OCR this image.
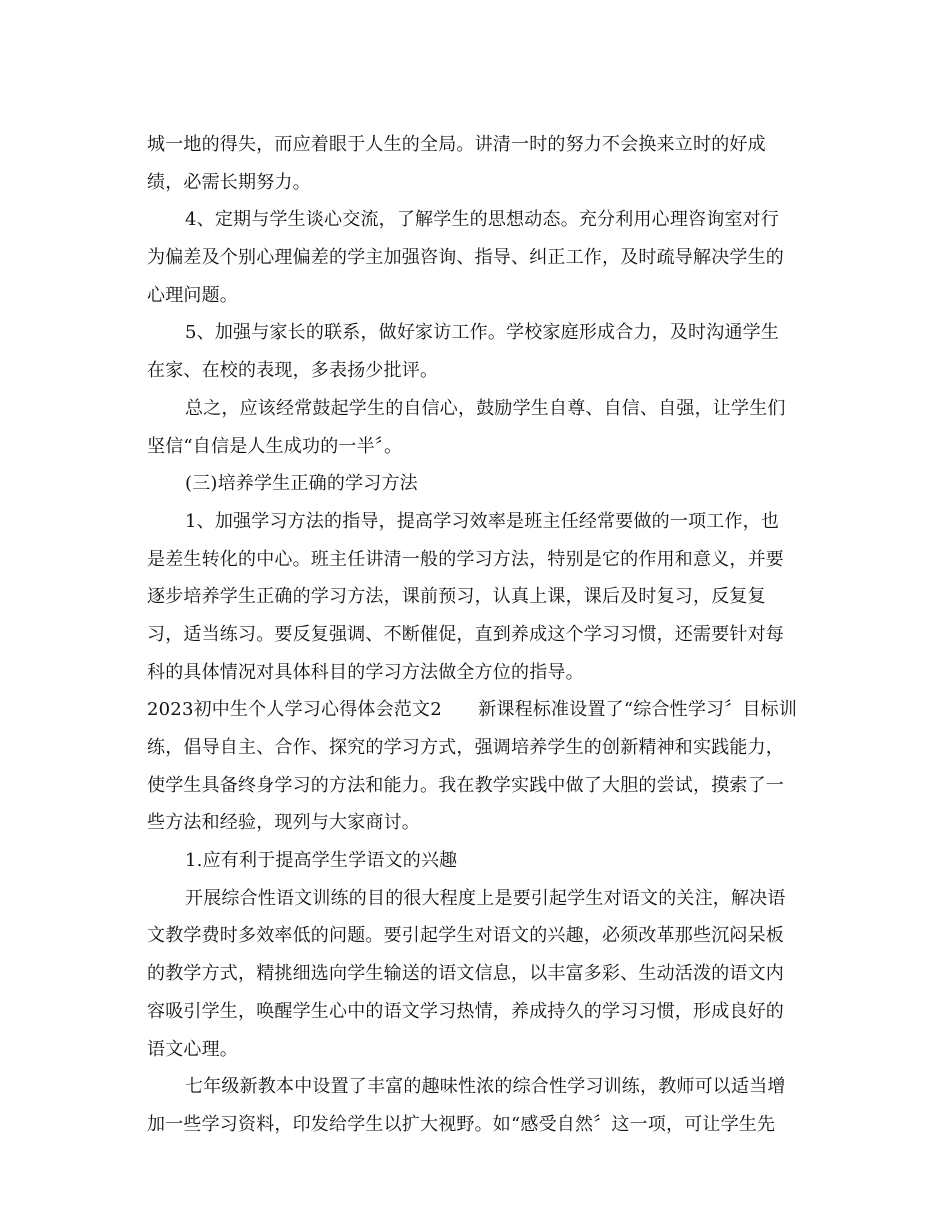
城一地的得失，而应着眼于人生的全局。讲清一时的努力不会换来立时的好成
绩，必需长期努力。

4、定期与学生谈心交流，了解学生的思想动态。充分利用心理咨询室对行
为偏差及个别心理偏差的学主加强咨询、指导、纠正工作，及时疏导解决学生的
心理问题。

5、加强与家长的联系，做好家访工作。学校家庭形成合力，及时沟通学生
在家、在校的表现，多表扬少批评。

总之，应该经常鼓起学生的自信心，鼓励学生自尊、自信、自强，让学生们
坚信“自信是人生成功的一半〞。

(三)培养学生正确的学习方法

1、加强学习方法的指导，提高学习效率是班主任经常要做的一项工作，也
是差生转化的中心。班主任讲清一般的学习方法，特别是它的作用和意义，并要
逐步培养学生正确的学习方法，课前预习，认真上课，课后及时复习，反复复
习，适当练习。要反复强调、不断催促，直到养成这个学习习惯，还需要针对每
科的具体情况对具体科目的学习方法做全方位的指导。

2023初中生个人学习心得体会范文2　　新课程标准设置了“综合性学习〞目标训
练，倡导自主、合作、探究的学习方式，强调培养学生的创新精神和实践能力，
使学生具备终身学习的方法和能力。我在教学实践中做了大胆的尝试，摸索了一
些方法和经验，现列与大家商讨。

1.应有利于提高学生学语文的兴趣

开展综合性语文训练的目的很大程度上是要引起学生对语文的关注，解决语
文教学费时多效率低的问题。要引起学生对语文的兴趣，必须改革那些沉闷呆板
的教学方式，精挑细选向学生输送的语文信息，以丰富多彩、生动活泼的语文内
容吸引学生，唤醒学生心中的语文学习热情，养成持久的学习习惯，形成良好的
语文心理。

七年级新教本中设置了丰富的趣味性浓的综合性学习训练，教师可以适当增
加一些学习资料，印发给学生以扩大视野。如“感受自然〞这一项，可让学生先
